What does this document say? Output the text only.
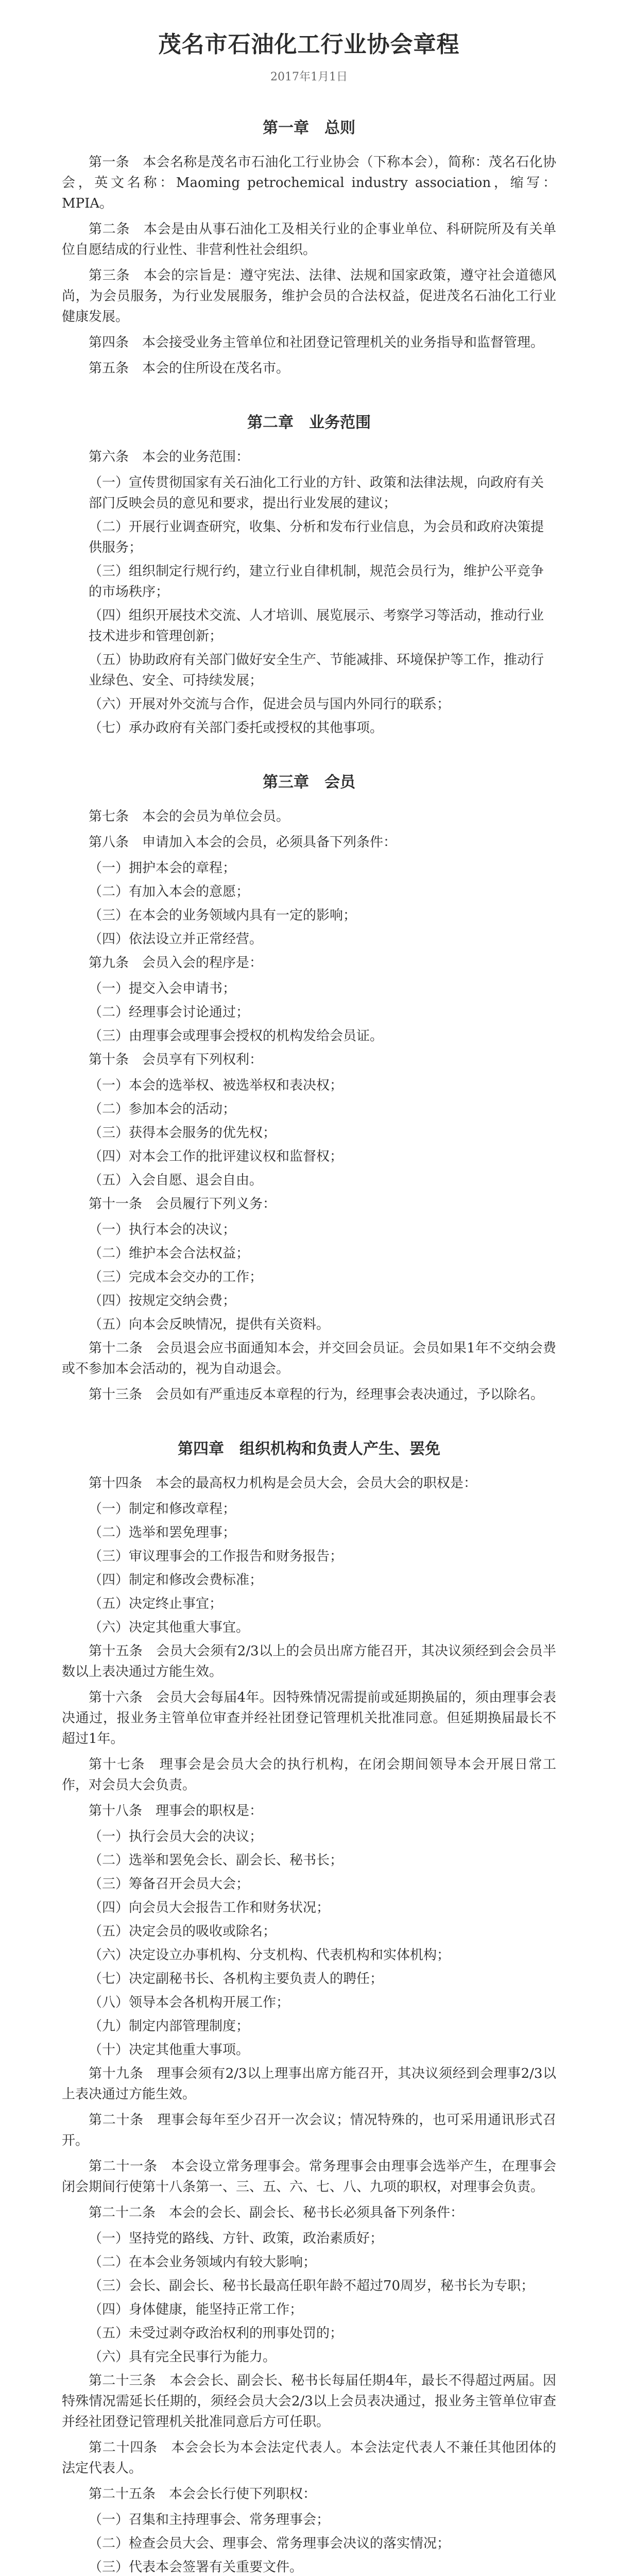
茂名市石油化工行业协会章程
2017年1月1日
第一章　总则
第一条　本会名称是茂名市石油化工行业协会（下称本会），简称：茂名石化协会，英文名称：Maoming petrochemical industry association，缩写：MPIA。
第二条　本会是由从事石油化工及相关行业的企事业单位、科研院所及有关单位自愿结成的行业性、非营利性社会组织。
第三条　本会的宗旨是：遵守宪法、法律、法规和国家政策，遵守社会道德风尚，为会员服务，为行业发展服务，维护会员的合法权益，促进茂名石油化工行业健康发展。
第四条　本会接受业务主管单位和社团登记管理机关的业务指导和监督管理。
第五条　本会的住所设在茂名市。
第二章　业务范围
第六条　本会的业务范围：
（一）宣传贯彻国家有关石油化工行业的方针、政策和法律法规，向政府有关部门反映会员的意见和要求，提出行业发展的建议；
（二）开展行业调查研究，收集、分析和发布行业信息，为会员和政府决策提供服务；
（三）组织制定行规行约，建立行业自律机制，规范会员行为，维护公平竞争的市场秩序；
（四）组织开展技术交流、人才培训、展览展示、考察学习等活动，推动行业技术进步和管理创新；
（五）协助政府有关部门做好安全生产、节能减排、环境保护等工作，推动行业绿色、安全、可持续发展；
（六）开展对外交流与合作，促进会员与国内外同行的联系；
（七）承办政府有关部门委托或授权的其他事项。
第三章　会员
第七条　本会的会员为单位会员。
第八条　申请加入本会的会员，必须具备下列条件：
（一）拥护本会的章程；
（二）有加入本会的意愿；
（三）在本会的业务领域内具有一定的影响；
（四）依法设立并正常经营。
第九条　会员入会的程序是：
（一）提交入会申请书；
（二）经理事会讨论通过；
（三）由理事会或理事会授权的机构发给会员证。
第十条　会员享有下列权利：
（一）本会的选举权、被选举权和表决权；
（二）参加本会的活动；
（三）获得本会服务的优先权；
（四）对本会工作的批评建议权和监督权；
（五）入会自愿、退会自由。
第十一条　会员履行下列义务：
（一）执行本会的决议；
（二）维护本会合法权益；
（三）完成本会交办的工作；
（四）按规定交纳会费；
（五）向本会反映情况，提供有关资料。
第十二条　会员退会应书面通知本会，并交回会员证。会员如果1年不交纳会费或不参加本会活动的，视为自动退会。
第十三条　会员如有严重违反本章程的行为，经理事会表决通过，予以除名。
第四章　组织机构和负责人产生、罢免
第十四条　本会的最高权力机构是会员大会，会员大会的职权是：
（一）制定和修改章程；
（二）选举和罢免理事；
（三）审议理事会的工作报告和财务报告；
（四）制定和修改会费标准；
（五）决定终止事宜；
（六）决定其他重大事宜。
第十五条　会员大会须有2/3以上的会员出席方能召开，其决议须经到会会员半数以上表决通过方能生效。
第十六条　会员大会每届4年。因特殊情况需提前或延期换届的，须由理事会表决通过，报业务主管单位审查并经社团登记管理机关批准同意。但延期换届最长不超过1年。
第十七条　理事会是会员大会的执行机构，在闭会期间领导本会开展日常工作，对会员大会负责。
第十八条　理事会的职权是：
（一）执行会员大会的决议；
（二）选举和罢免会长、副会长、秘书长；
（三）筹备召开会员大会；
（四）向会员大会报告工作和财务状况；
（五）决定会员的吸收或除名；
（六）决定设立办事机构、分支机构、代表机构和实体机构；
（七）决定副秘书长、各机构主要负责人的聘任；
（八）领导本会各机构开展工作；
（九）制定内部管理制度；
（十）决定其他重大事项。
第十九条　理事会须有2/3以上理事出席方能召开，其决议须经到会理事2/3以上表决通过方能生效。
第二十条　理事会每年至少召开一次会议；情况特殊的，也可采用通讯形式召开。
第二十一条　本会设立常务理事会。常务理事会由理事会选举产生，在理事会闭会期间行使第十八条第一、三、五、六、七、八、九项的职权，对理事会负责。
第二十二条　本会的会长、副会长、秘书长必须具备下列条件：
（一）坚持党的路线、方针、政策，政治素质好；
（二）在本会业务领域内有较大影响；
（三）会长、副会长、秘书长最高任职年龄不超过70周岁，秘书长为专职；
（四）身体健康，能坚持正常工作；
（五）未受过剥夺政治权利的刑事处罚的；
（六）具有完全民事行为能力。
第二十三条　本会会长、副会长、秘书长每届任期4年，最长不得超过两届。因特殊情况需延长任期的，须经会员大会2/3以上会员表决通过，报业务主管单位审查并经社团登记管理机关批准同意后方可任职。
第二十四条　本会会长为本会法定代表人。本会法定代表人不兼任其他团体的法定代表人。
第二十五条　本会会长行使下列职权：
（一）召集和主持理事会、常务理事会；
（二）检查会员大会、理事会、常务理事会决议的落实情况；
（三）代表本会签署有关重要文件。
